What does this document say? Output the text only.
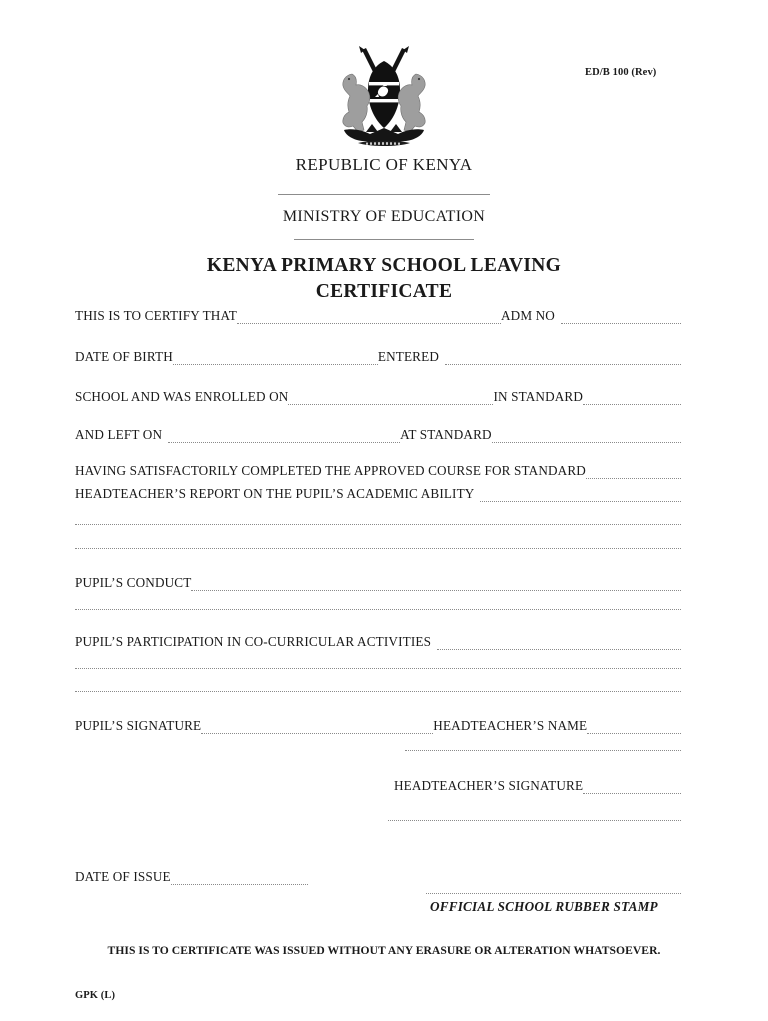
ED/B 100 (Rev)
REPUBLIC OF KENYA
MINISTRY OF EDUCATION
KENYA PRIMARY SCHOOL LEAVING
CERTIFICATE
THIS IS TO CERTIFY THAT	ADM NO
DATE OF BIRTH	ENTERED
SCHOOL AND WAS ENROLLED ON	IN STANDARD
AND LEFT ON	AT STANDARD
HAVING SATISFACTORILY COMPLETED THE APPROVED COURSE FOR STANDARD
HEADTEACHER’S REPORT ON THE PUPIL’S ACADEMIC ABILITY
PUPIL’S CONDUCT
PUPIL’S PARTICIPATION IN CO-CURRICULAR ACTIVITIES
PUPIL’S SIGNATURE	HEADTEACHER’S NAME
HEADTEACHER’S SIGNATURE
DATE OF ISSUE
OFFICIAL SCHOOL RUBBER STAMP
THIS IS TO CERTIFICATE WAS ISSUED WITHOUT ANY ERASURE OR ALTERATION WHATSOEVER.
GPK (L)
